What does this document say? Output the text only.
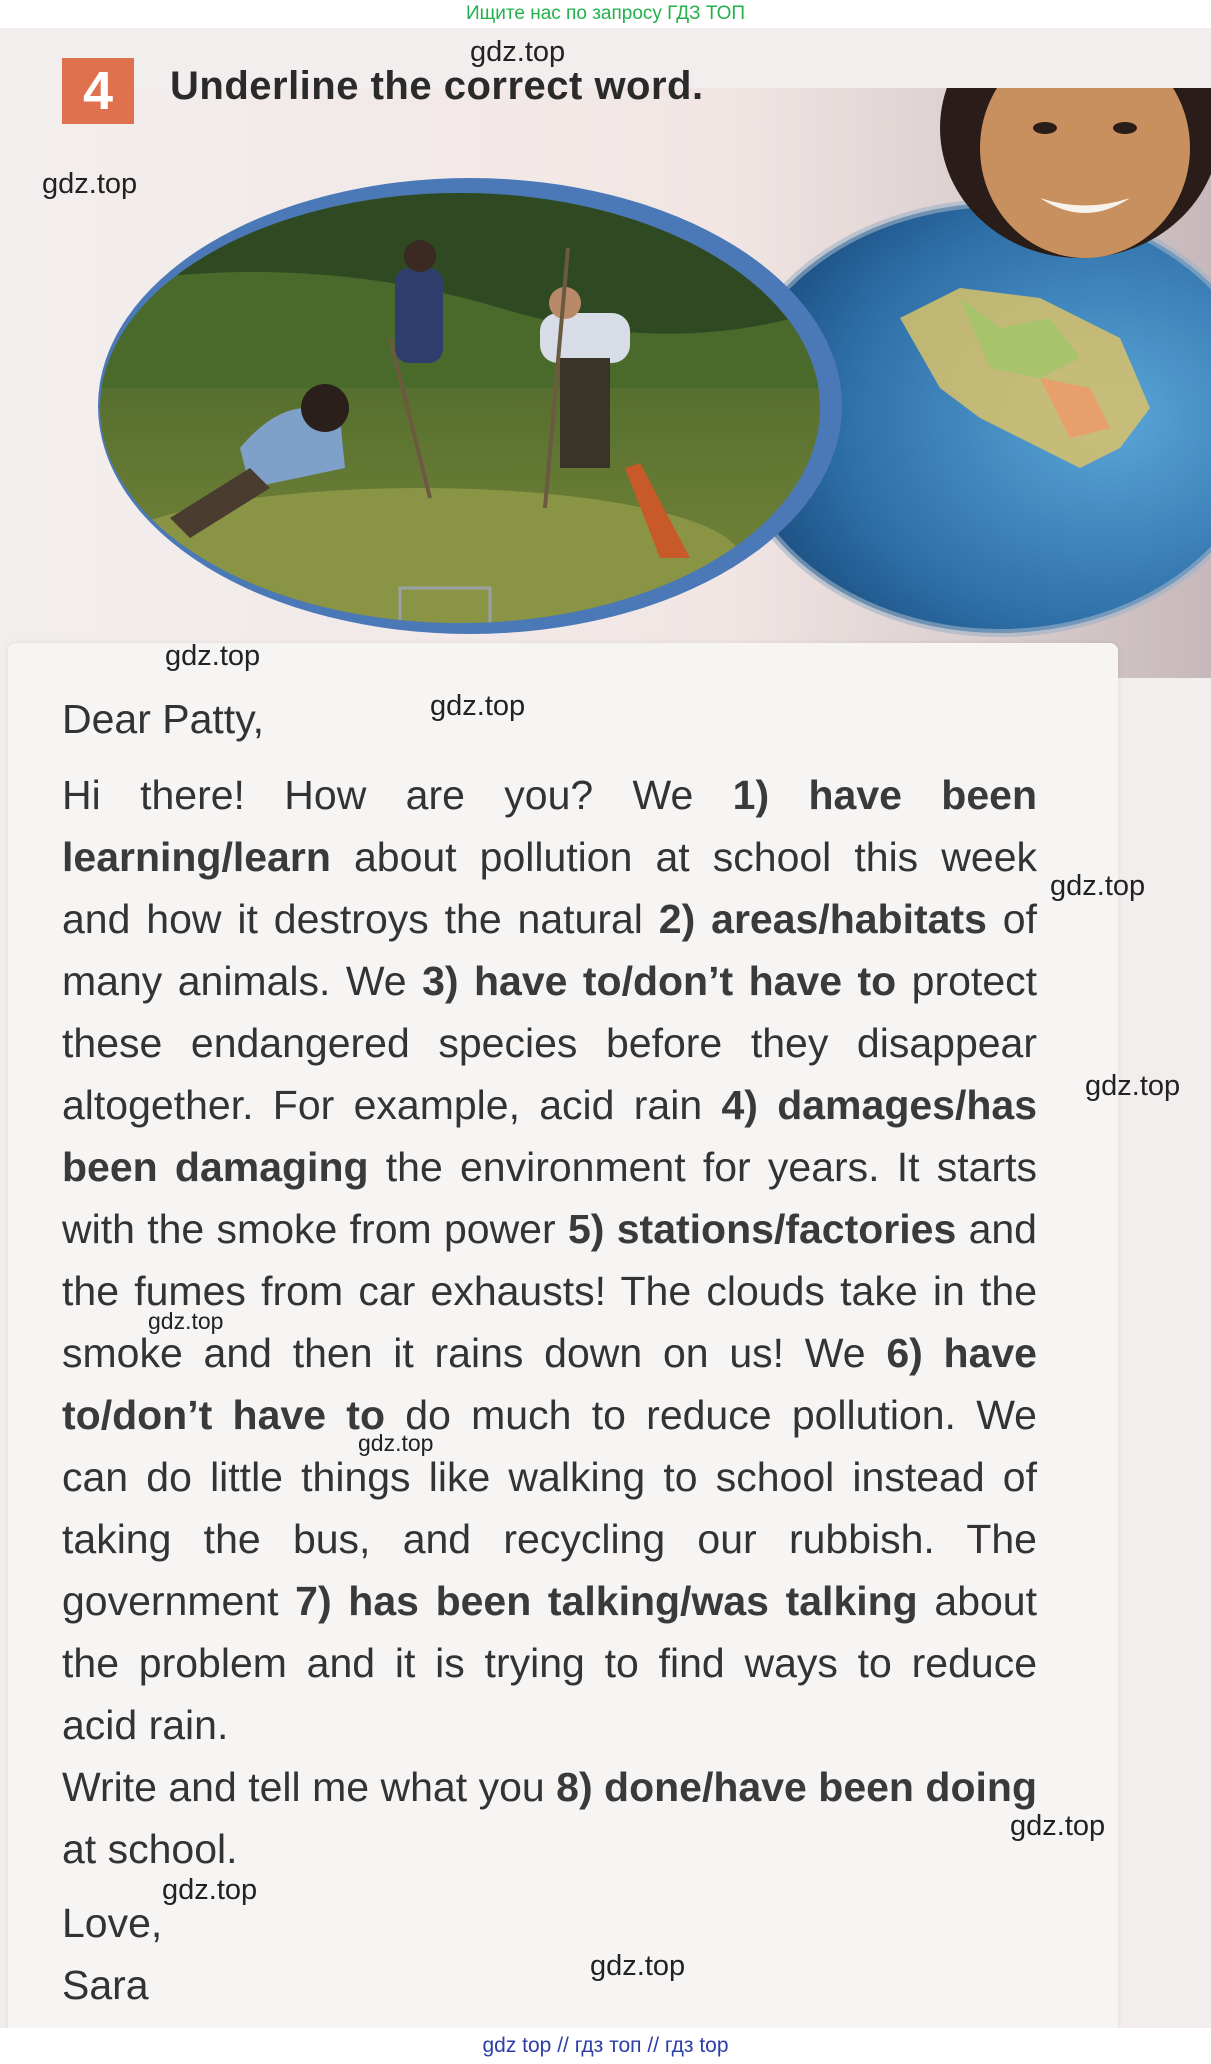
Ищите нас по запросу ГДЗ ТОП
4	Underline the correct word.

Dear Patty,

Hi there! How are you? We 1) have been learning/learn about pollution at school this week and how it destroys the natural 2) areas/habitats of many animals. We 3) have to/don’t have to protect these endangered species before they disappear altogether. For example, acid rain 4) damages/has been damaging the environment for years. It starts with the smoke from power 5) stations/factories and the fumes from car exhausts! The clouds take in the smoke and then it rains down on us! We 6) have to/don’t have to do much to reduce pollution. We can do little things like walking to school instead of taking the bus, and recycling our rubbish. The government 7) has been talking/was talking about the problem and it is trying to find ways to reduce acid rain.

Write and tell me what you 8) done/have been doing at school.

Love,

Sara

gdz.top
gdz.top
gdz.top
gdz.top
gdz.top
gdz.top
gdz.top
gdz.top
gdz.top
gdz.top
gdz.top
gdz top // гдз топ // гдз top
